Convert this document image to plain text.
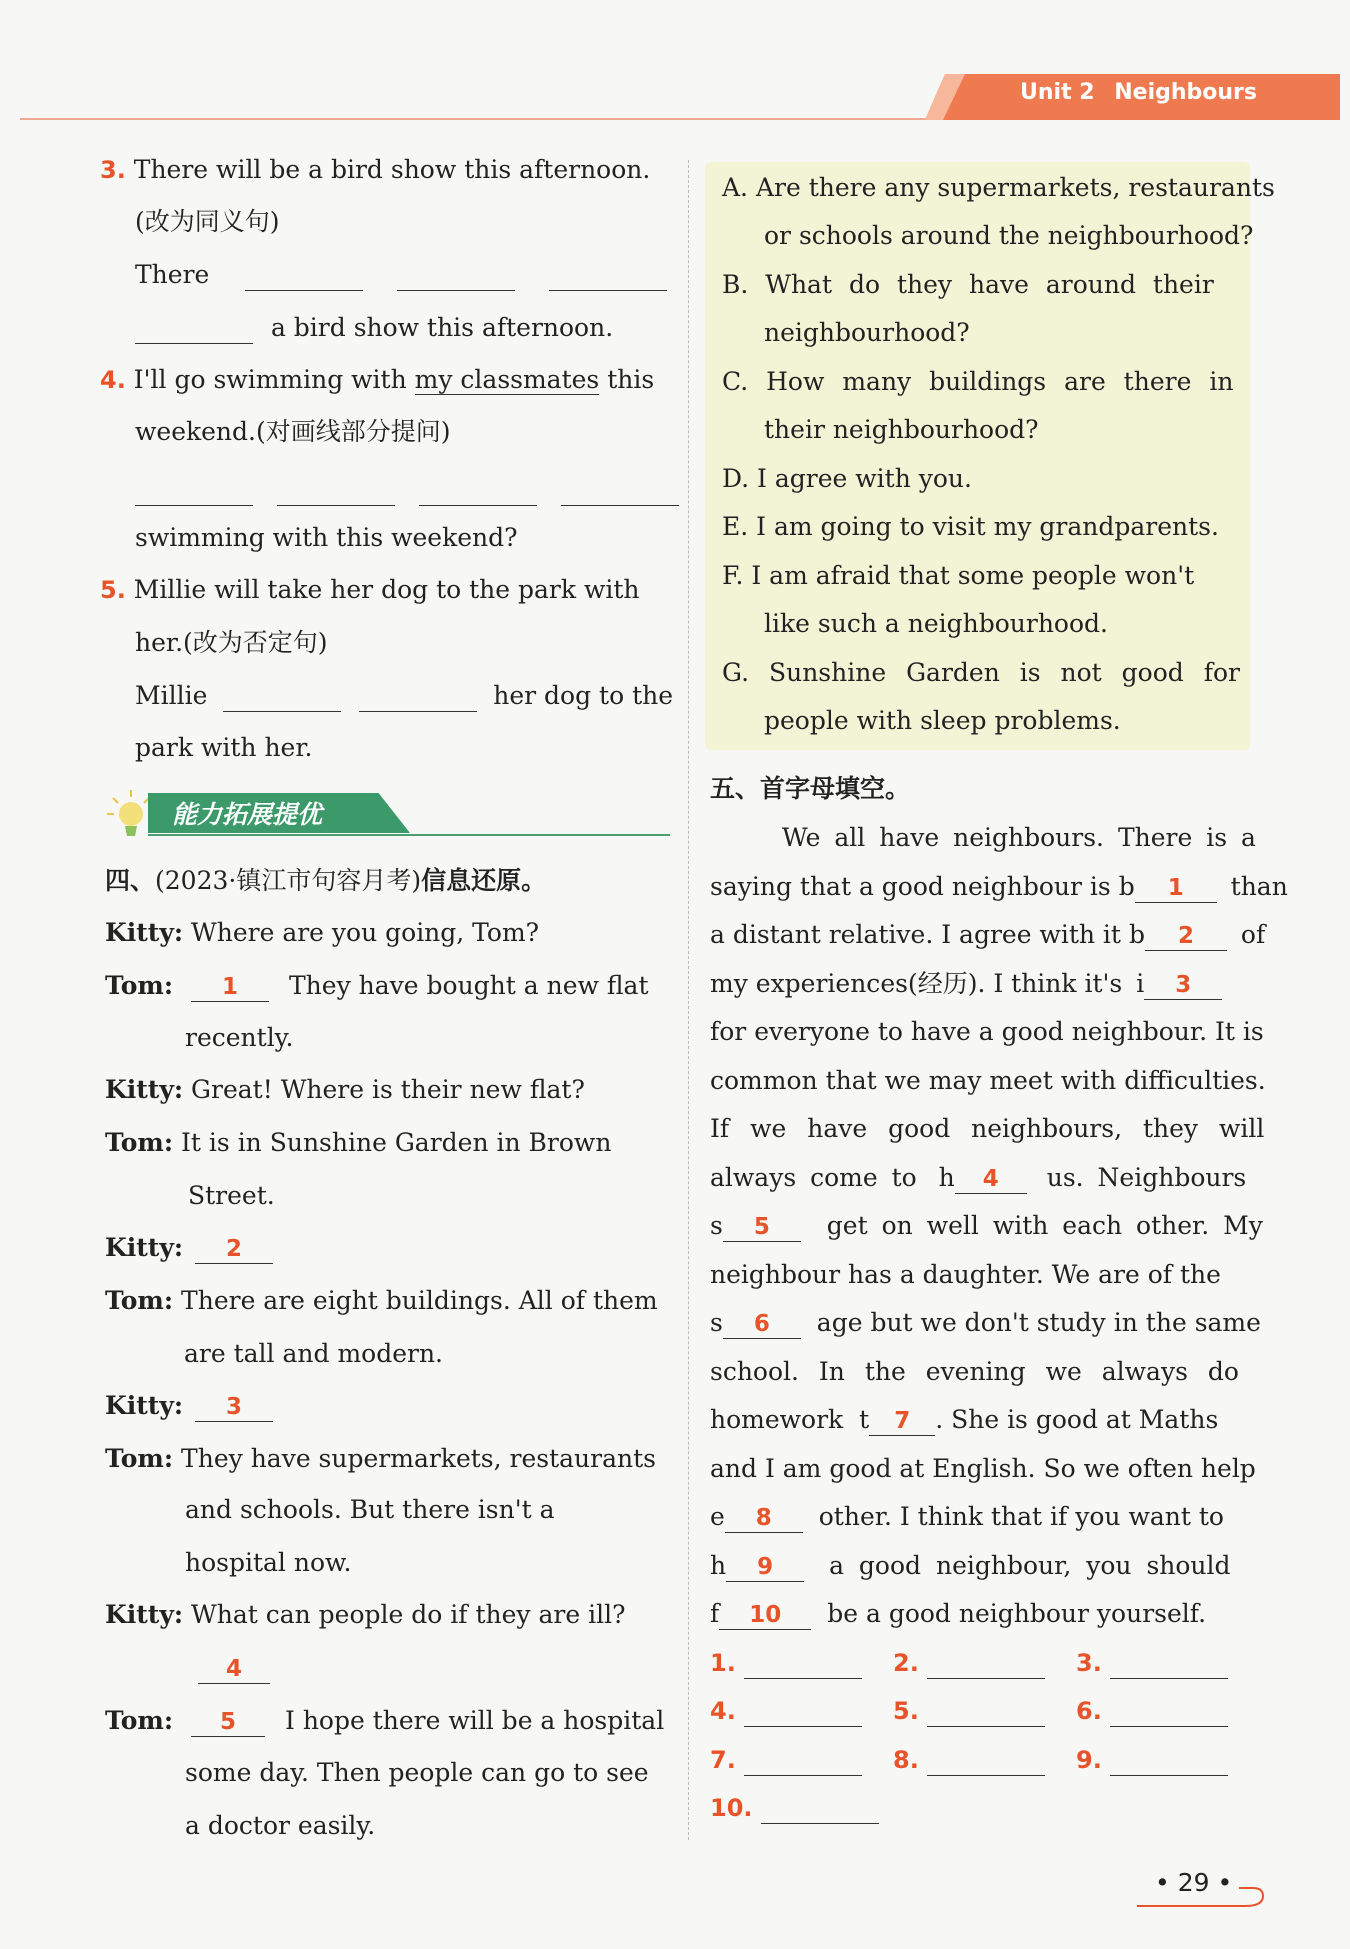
Unit 2 Neighbours
3. There will be a bird show this afternoon.
(改为同义句)
There
a bird show this afternoon.
4. I'll go swimming with my classmates this
weekend.(对画线部分提问)

swimming with this weekend?
5. Millie will take her dog to the park with
her.(改为否定句)
Millie	her dog to the
park with her.
能力拓展提优
四、(2023·镇江市句容月考)信息还原。
Kitty: Where are you going, Tom?
Tom: 1 They have bought a new flat
recently.
Kitty: Great! Where is their new flat?
Tom: It is in Sunshine Garden in Brown
Street.
Kitty: 2
Tom: There are eight buildings. All of them
are tall and modern.
Kitty: 3
Tom: They have supermarkets, restaurants
and schools. But there isn't a
hospital now.
Kitty: What can people do if they are ill?
4
Tom: 5 I hope there will be a hospital
some day. Then people can go to see
a doctor easily.
A. Are there any supermarkets, restaurants
or schools around the neighbourhood?
B. What do they have around their
neighbourhood?
C. How many buildings are there in
their neighbourhood?
D. I agree with you.
E. I am going to visit my grandparents.
F. I am afraid that some people won't
like such a neighbourhood.
G. Sunshine Garden is not good for
people with sleep problems.
五、首字母填空。
We all have neighbours. There is a
saying that a good neighbour is b 1 than
a distant relative. I agree with it b 2 of
my experiences(经历). I think it's i 3
for everyone to have a good neighbour. It is
common that we may meet with difficulties.
If we have good neighbours, they will
always come to h 4 us. Neighbours
s 5 get on well with each other. My
neighbour has a daughter. We are of the
s 6 age but we don't study in the same
school. In the evening we always do
homework t 7 . She is good at Maths
and I am good at English. So we often help
e 8 other. I think that if you want to
h 9 a good neighbour, you should
f 10 be a good neighbour yourself.
1.	2.	3.
4.	5.	6.
7.	8.	9.
10.
• 29 •
